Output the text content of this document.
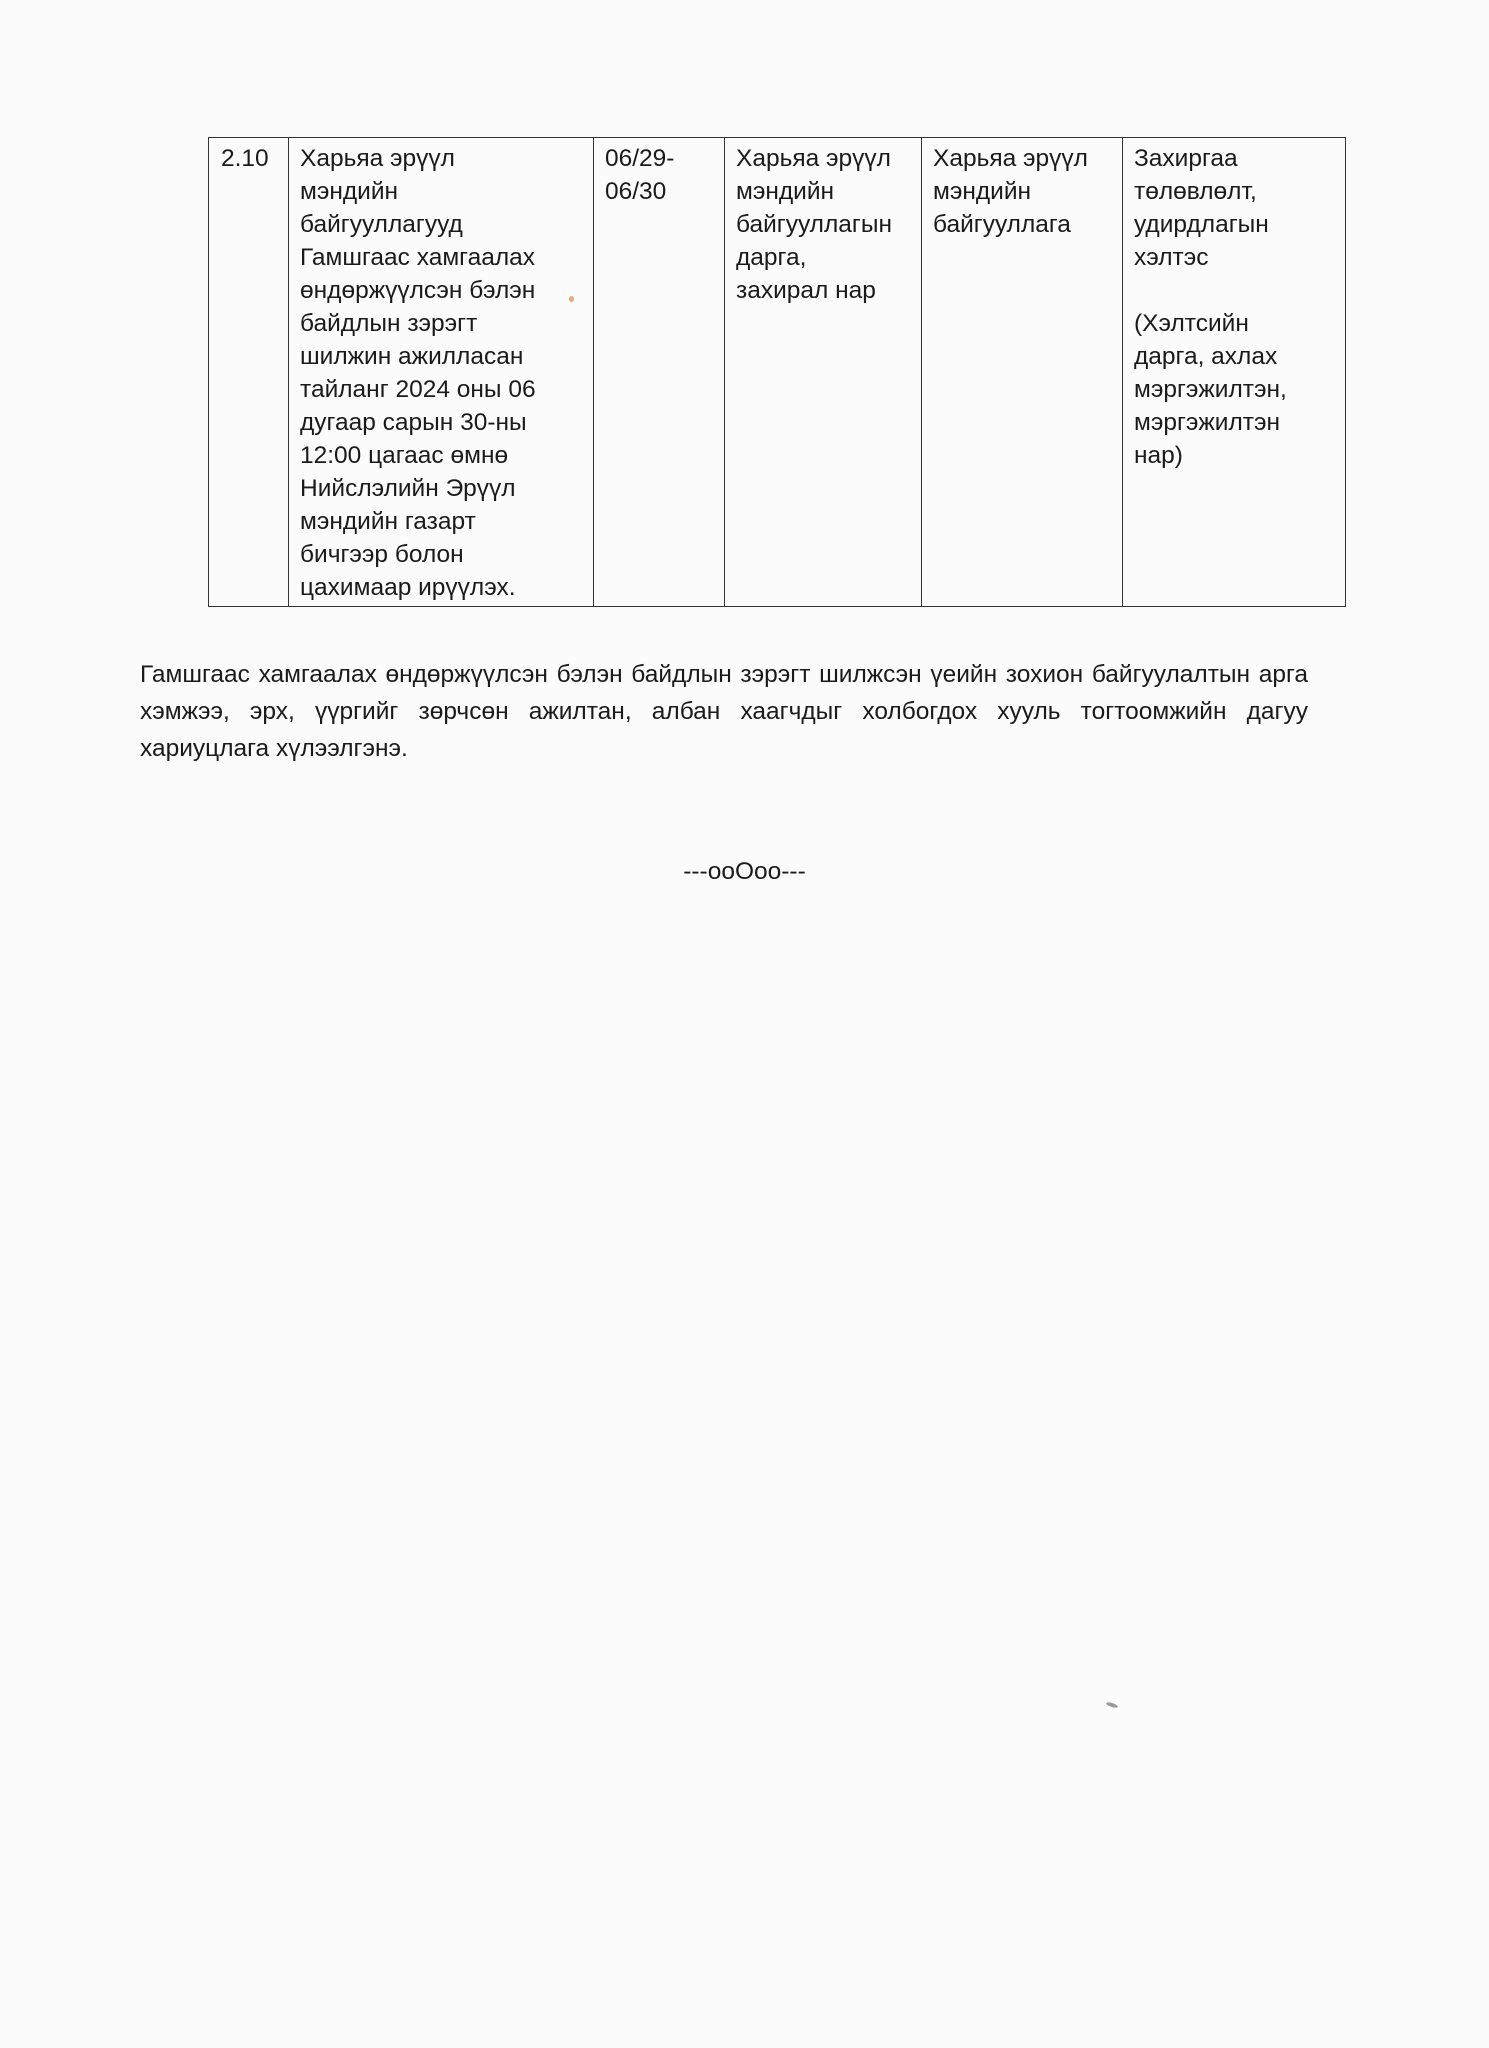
2.10	Харьяа эрүүл
мэндийн
байгууллагууд
Гамшгаас хамгаалах
өндөржүүлсэн бэлэн
байдлын зэрэгт
шилжин ажилласан
тайланг 2024 оны 06
дугаар сарын 30-ны
12:00 цагаас өмнө
Нийслэлийн Эрүүл
мэндийн газарт
бичгээр болон
цахимаар ирүүлэх.	06/29-
06/30	Харьяа эрүүл
мэндийн
байгууллагын
дарга,
захирал нар	Харьяа эрүүл
мэндийн
байгууллага	Захиргаа
төлөвлөлт,
удирдлагын
хэлтэс

(Хэлтсийн
дарга, ахлах
мэргэжилтэн,
мэргэжилтэн
нар)

Гамшгаас хамгаалах өндөржүүлсэн бэлэн байдлын зэрэгт шилжсэн үеийн зохион байгуулалтын арга хэмжээ, эрх, үүргийг зөрчсөн ажилтан, албан хаагчдыг холбогдох хууль тогтоомжийн дагуу хариуцлага хүлээлгэнэ.

---ooOoo---
